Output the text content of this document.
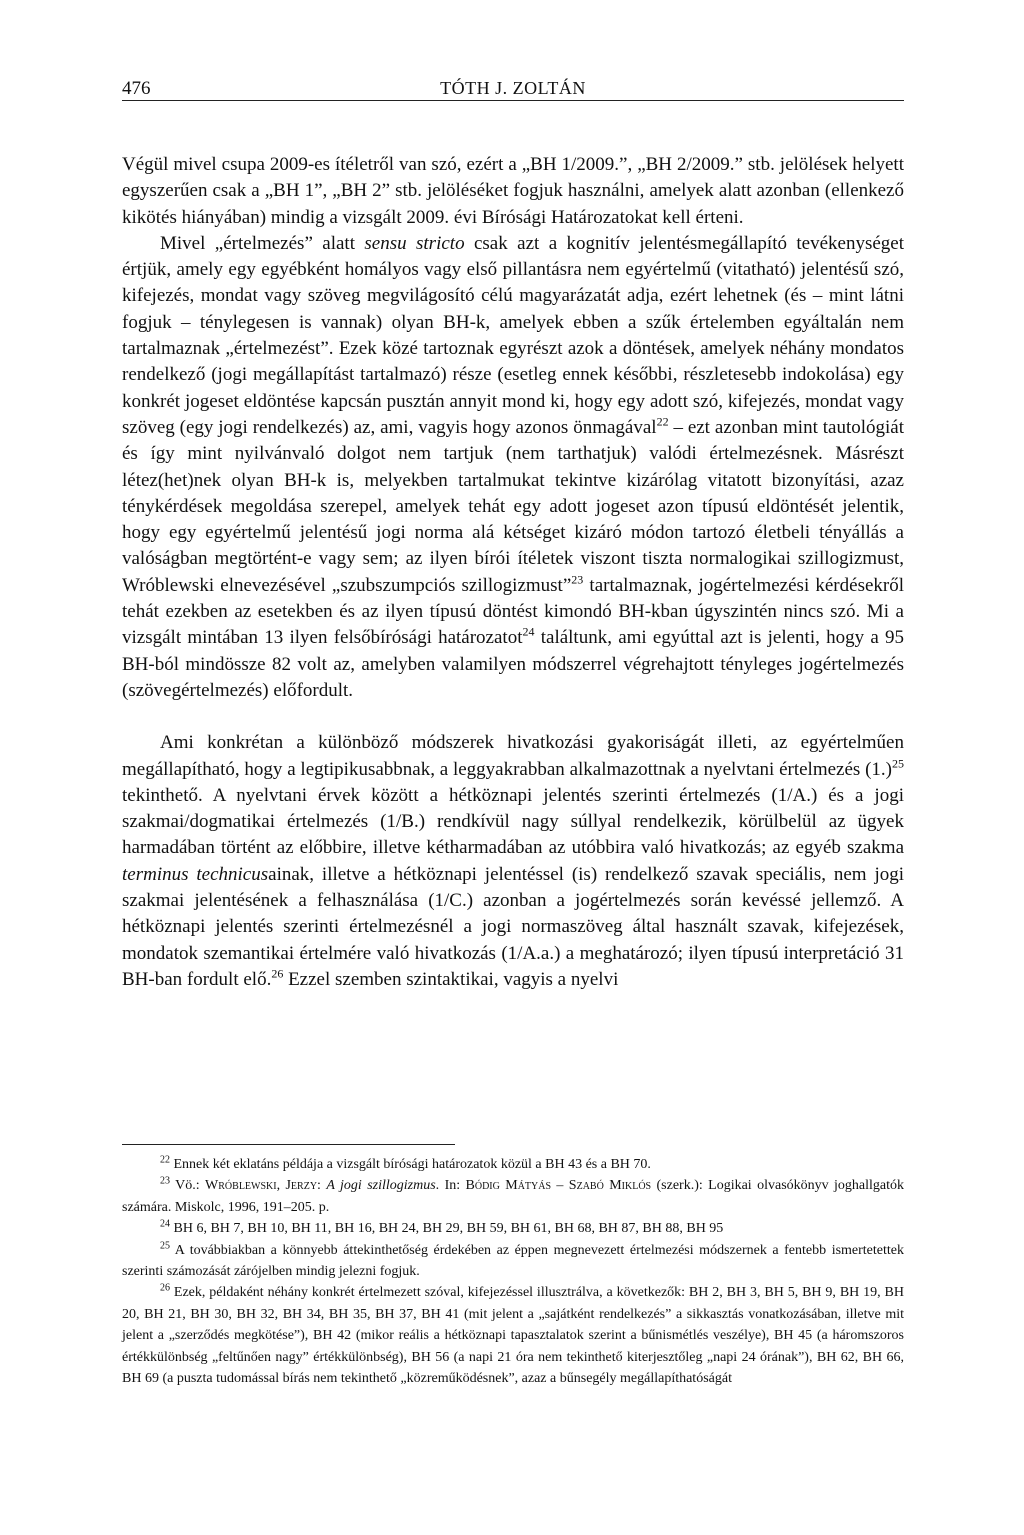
476	TÓTH J. ZOLTÁN

Végül mivel csupa 2009-es ítéletről van szó, ezért a „BH 1/2009.”, „BH 2/2009.” stb. jelölések helyett egyszerűen csak a „BH 1”, „BH 2” stb. jelöléséket fogjuk használni, amelyek alatt azonban (ellenkező kikötés hiányában) mindig a vizsgált 2009. évi Bírósági Határozatokat kell érteni.

Mivel „értelmezés” alatt sensu stricto csak azt a kognitív jelentésmegállapító tevékenységet értjük, amely egy egyébként homályos vagy első pillantásra nem egyértelmű (vitatható) jelentésű szó, kifejezés, mondat vagy szöveg megvilágosító célú magyarázatát adja, ezért lehetnek (és – mint látni fogjuk – ténylegesen is vannak) olyan BH-k, amelyek ebben a szűk értelemben egyáltalán nem tartalmaznak „értelmezést”. Ezek közé tartoznak egyrészt azok a döntések, amelyek néhány mondatos rendelkező (jogi megállapítást tartalmazó) része (esetleg ennek későbbi, részletesebb indokolása) egy konkrét jogeset eldöntése kapcsán pusztán annyit mond ki, hogy egy adott szó, kifejezés, mondat vagy szöveg (egy jogi rendelkezés) az, ami, vagyis hogy azonos önmagával$^{22}$ – ezt azonban mint tautológiát és így mint nyilvánvaló dolgot nem tartjuk (nem tarthatjuk) valódi értelmezésnek. Másrészt létez(het)nek olyan BH-k is, melyekben tartalmukat tekintve kizárólag vitatott bizonyítási, azaz ténykérdések megoldása szerepel, amelyek tehát egy adott jogeset azon típusú eldöntését jelentik, hogy egy egyértelmű jelentésű jogi norma alá kétséget kizáró módon tartozó életbeli tényállás a valóságban megtörtént-e vagy sem; az ilyen bírói ítéletek viszont tiszta normalogikai szillogizmust, Wróblewski elnevezésével „szubszumpciós szillogizmust”$^{23}$ tartalmaznak, jogértelmezési kérdésekről tehát ezekben az esetekben és az ilyen típusú döntést kimondó BH-kban úgyszintén nincs szó. Mi a vizsgált mintában 13 ilyen felsőbírósági határozatot$^{24}$ találtunk, ami egyúttal azt is jelenti, hogy a 95 BH-ból mindössze 82 volt az, amelyben valamilyen módszerrel végrehajtott tényleges jogértelmezés (szövegértelmezés) előfordult.

Ami konkrétan a különböző módszerek hivatkozási gyakoriságát illeti, az egyértelműen megállapítható, hogy a legtipikusabbnak, a leggyakrabban alkalmazottnak a nyelvtani értelmezés $(1.)^{25}$ tekinthető. A nyelvtani érvek között a hétköznapi jelentés szerinti értelmezés (1/A.) és a jogi szakmai/dogmatikai értelmezés (1/B.) rendkívül nagy súllyal rendelkezik, körülbelül az ügyek harmadában történt az előbbire, illetve kétharmadában az utóbbira való hivatkozás; az egyéb szakma terminus technicusainak, illetve a hétköznapi jelentéssel (is) rendelkező szavak speciális, nem jogi szakmai jelentésének a felhasználása (1/C.) azonban a jogértelmezés során kevéssé jellemző. A hétköznapi jelentés szerinti értelmezésnél a jogi normaszöveg által használt szavak, kifejezések, mondatok szemantikai értelmére való hivatkozás (1/A.a.) a meghatározó; ilyen típusú interpretáció 31 BH-ban fordult elő.$^{26}$ Ezzel szemben szintaktikai, vagyis a nyelvi

$^{22}$ Ennek két eklatáns példája a vizsgált bírósági határozatok közül a BH 43 és a BH 70.

$^{23}$ Vö.: Wróblewski, Jerzy: A jogi szillogizmus. In: Bódig Mátyás – Szabó Miklós (szerk.): Logikai olvasókönyv joghallgatók számára. Miskolc, 1996, 191–205. p.

$^{24}$ BH 6, BH 7, BH 10, BH 11, BH 16, BH 24, BH 29, BH 59, BH 61, BH 68, BH 87, BH 88, BH 95

$^{25}$ A továbbiakban a könnyebb áttekinthetőség érdekében az éppen megnevezett értelmezési módszernek a fentebb ismertetettek szerinti számozását zárójelben mindig jelezni fogjuk.

$^{26}$ Ezek, példaként néhány konkrét értelmezett szóval, kifejezéssel illusztrálva, a következők: BH 2, BH 3, BH 5, BH 9, BH 19, BH 20, BH 21, BH 30, BH 32, BH 34, BH 35, BH 37, BH 41 (mit jelent a „sajátként rendelkezés” a sikkasztás vonatkozásában, illetve mit jelent a „szerződés megkötése”), BH 42 (mikor reális a hétköznapi tapasztalatok szerint a bűnismétlés veszélye), BH 45 (a háromszoros értékkülönbség „feltűnően nagy” értékkülönbség), BH 56 (a napi 21 óra nem tekinthető kiterjesztőleg „napi 24 órának”), BH 62, BH 66, BH 69 (a puszta tudomással bírás nem tekinthető „közreműködésnek”, azaz a bűnsegély megállapíthatóságát
